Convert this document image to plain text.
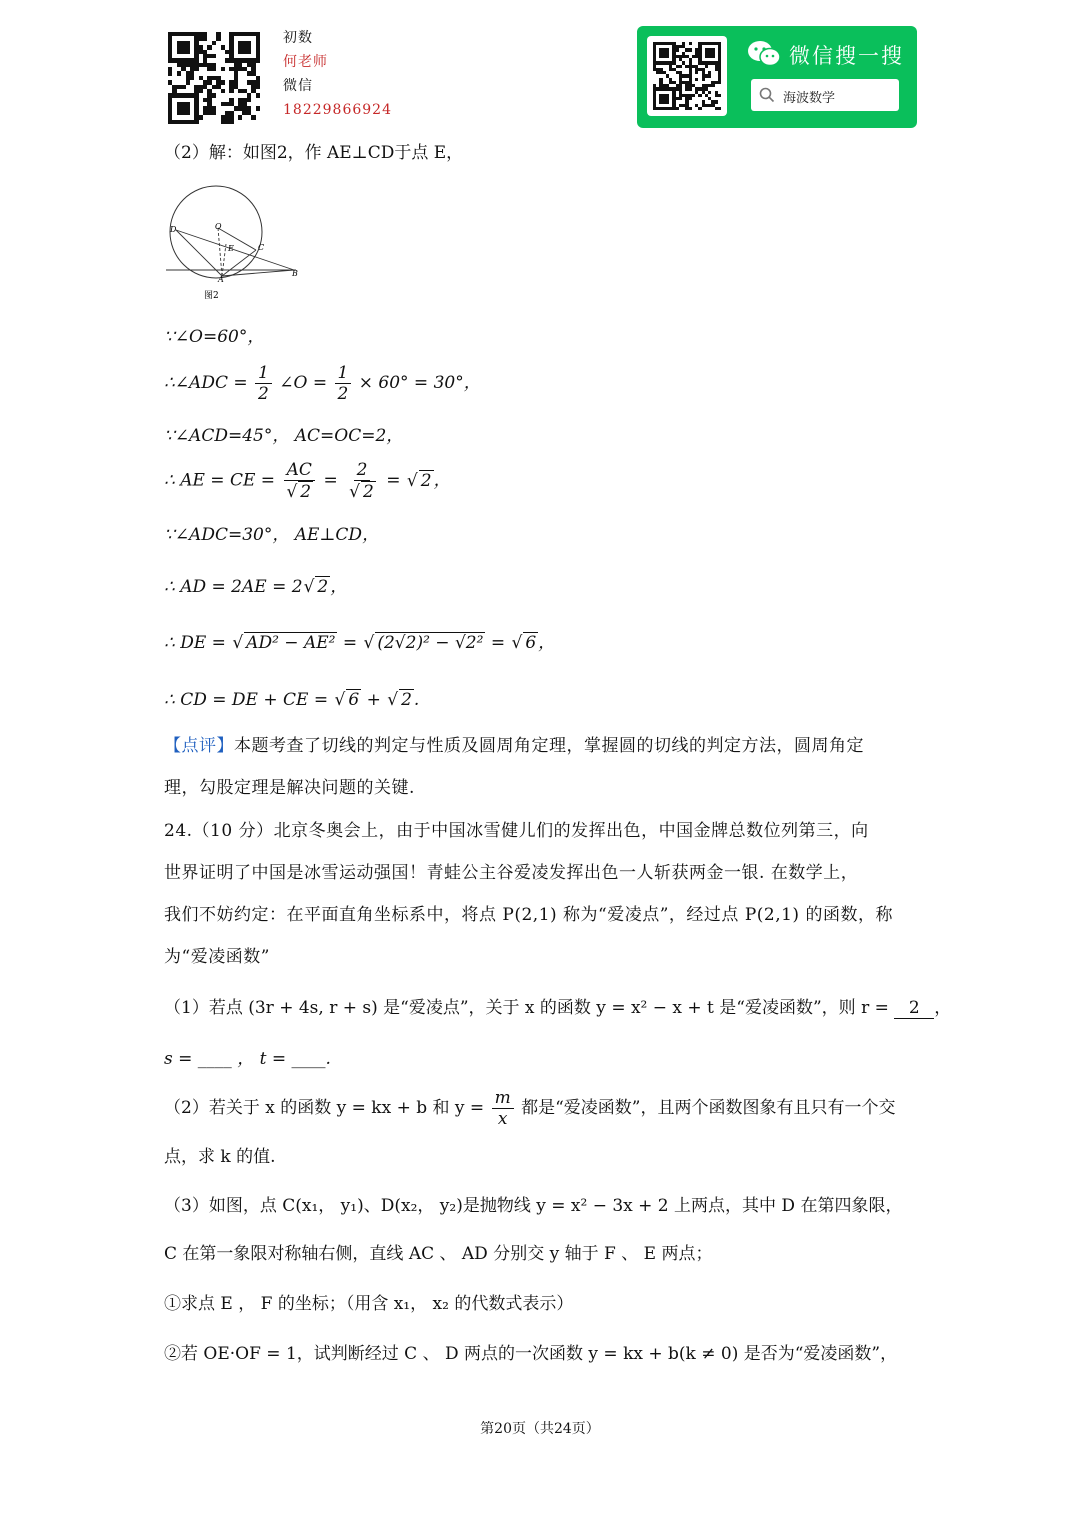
初数
何老师
微信
18229866924
微信搜一搜
海波数学
（2）解：如图2，作 AE⊥CD于点 E，
O
D
E	C
A
B
图2
∵∠O=60°，
∴∠ADC = $\frac{1}{2}$ ∠O = $\frac{1}{2} \times 60^\circ = 30^\circ$，
∵∠ACD=45°， AC=OC=2，
∴ AE = CE = $\frac{AC}{√ 2} = \frac{2}{√ 2}$ = √ 2 ，
∵∠ADC=30°， AE⊥CD，
∴ AD = 2AE = 2√ 2 ，
∴ DE = √ AD² − AE² = √ (2√2)² − √2² = √ 6 ，
∴ CD = DE + CE = √ 6 + √ 2 .
【点评】本题考查了切线的判定与性质及圆周角定理，掌握圆的切线的判定方法，圆周角定
理，勾股定理是解决问题的关键.
24.（10 分）北京冬奥会上，由于中国冰雪健儿们的发挥出色，中国金牌总数位列第三，向
世界证明了中国是冰雪运动强国！青蛙公主谷爱凌发挥出色一人斩获两金一银. 在数学上，
我们不妨约定：在平面直角坐标系中，将点 P(2,1) 称为“爱凌点”，经过点 P(2,1) 的函数，称
为“爱凌函数”
（1）若点 (3r + 4s, r + s) 是“爱凌点”，关于 x 的函数 y = x² − x + t 是“爱凌函数”，则 r = 2 ，
s = ____ ， t = ____.
（2）若关于 x 的函数 y = kx + b 和 $y = \frac{m}{x}$ 都是“爱凌函数”，且两个函数图象有且只有一个交
点，求 k 的值.
（3）如图，点 C(x₁， y₁)、D(x₂， y₂)是抛物线 y = x² − 3x + 2 上两点，其中 D 在第四象限，
C 在第一象限对称轴右侧，直线 AC 、 AD 分别交 y 轴于 F 、 E 两点；
①求点 E ， F 的坐标；（用含 x₁， x₂ 的代数式表示）
②若 OE·OF = 1，试判断经过 C 、 D 两点的一次函数 y = kx + b(k ≠ 0) 是否为“爱凌函数”，
第20页（共24页）
